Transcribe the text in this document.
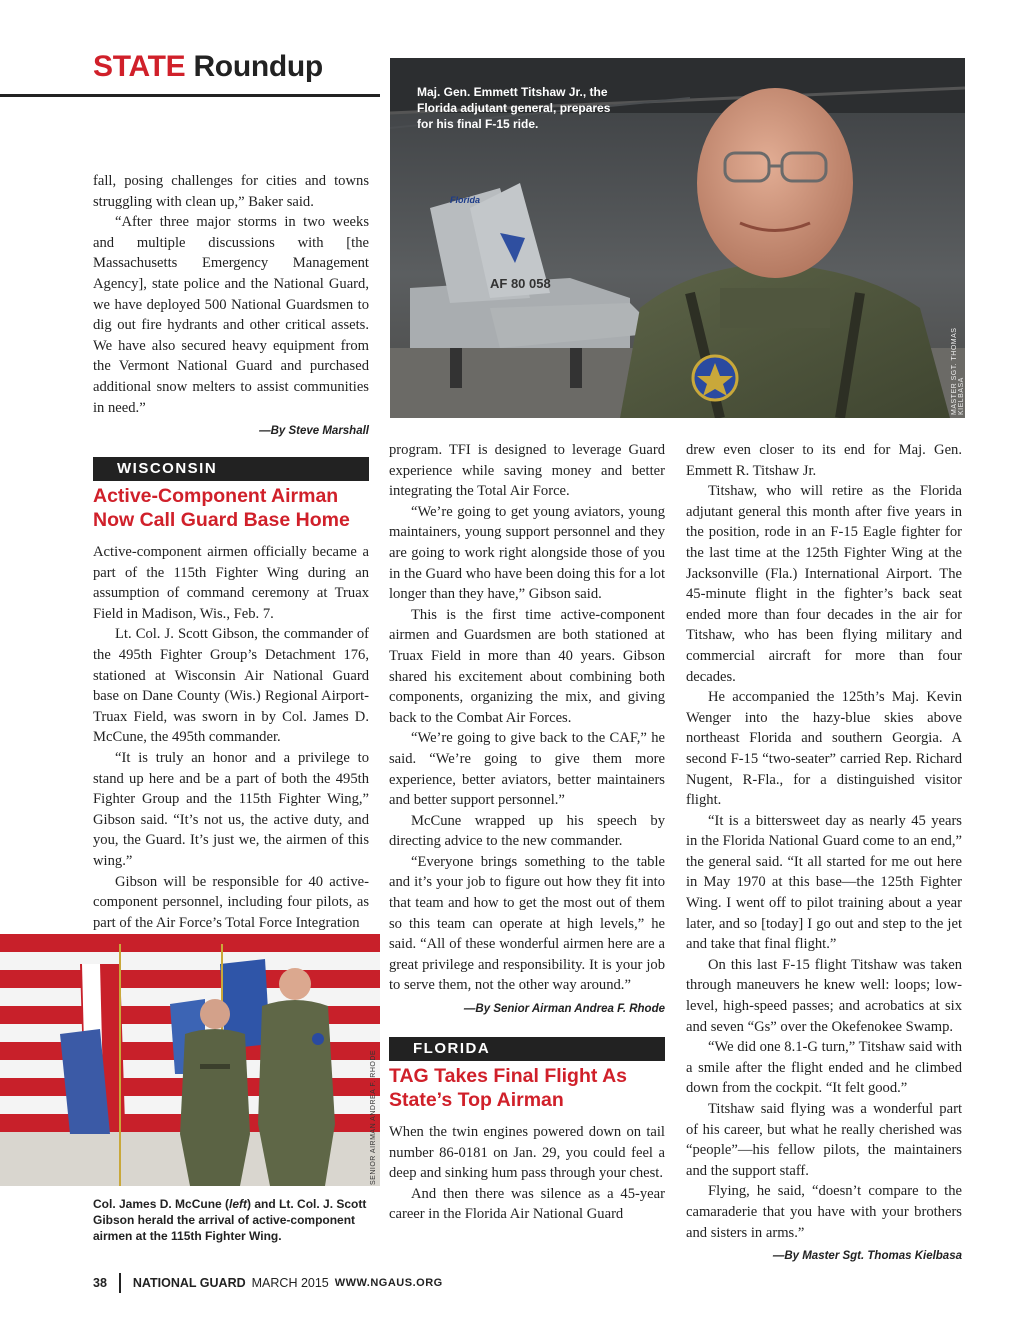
STATE Roundup
Florida
AF 80 058
Maj. Gen. Emmett Titshaw Jr., the Florida adjutant general, prepares for his final F-15 ride.
MASTER SGT. THOMAS KIELBASA

fall, posing challenges for cities and towns struggling with clean up,” Baker said.

“After three major storms in two weeks and multiple discussions with [the Massachusetts Emergency Management Agency], state police and the National Guard, we have deployed 500 National Guardsmen to dig out fire hydrants and other critical assets. We have also secured heavy equipment from the Vermont National Guard and purchased additional snow melters to assist communities in need.”

—By Steve Marshall
WISCONSIN
Active-Component Airman Now Call Guard Base Home

Active-component airmen officially became a part of the 115th Fighter Wing during an assumption of command ceremony at Truax Field in Madison, Wis., Feb. 7.

Lt. Col. J. Scott Gibson, the commander of the 495th Fighter Group’s Detachment 176, stationed at Wisconsin Air National Guard base on Dane County (Wis.) Regional Airport-Truax Field, was sworn in by Col. James D. McCune, the 495th commander.

“It is truly an honor and a privilege to stand up here and be a part of both the 495th Fighter Group and the 115th Fighter Wing,” Gibson said. “It’s not us, the active duty, and you, the Guard. It’s just we, the airmen of this wing.”

Gibson will be responsible for 40 active-component personnel, including four pilots, as part of the Air Force’s Total Force Integration

SENIOR AIRMAN ANDREA F. RHODE
Col. James D. McCune (left) and Lt. Col. J. Scott Gibson herald the arrival of active-component airmen at the 115th Fighter Wing.

program. TFI is designed to leverage Guard experience while saving money and better integrating the Total Air Force.

“We’re going to get young aviators, young maintainers, young support personnel and they are going to work right alongside those of you in the Guard who have been doing this for a lot longer than they have,” Gibson said.

This is the first time active-component airmen and Guardsmen are both stationed at Truax Field in more than 40 years. Gibson shared his excitement about combining both components, organizing the mix, and giving back to the Combat Air Forces.

“We’re going to give back to the CAF,” he said. “We’re going to give them more experience, better aviators, better maintainers and better support personnel.”

McCune wrapped up his speech by directing advice to the new commander.

“Everyone brings something to the table and it’s your job to figure out how they fit into that team and how to get the most out of them so this team can operate at high levels,” he said. “All of these wonderful airmen here are a great privilege and responsibility. It is your job to serve them, not the other way around.”

—By Senior Airman Andrea F. Rhode
FLORIDA
TAG Takes Final Flight As State’s Top Airman

When the twin engines powered down on tail number 86-0181 on Jan. 29, you could feel a deep and sinking hum pass through your chest.

And then there was silence as a 45-year career in the Florida Air National Guard

drew even closer to its end for Maj. Gen. Emmett R. Titshaw Jr.

Titshaw, who will retire as the Florida adjutant general this month after five years in the position, rode in an F-15 Eagle fighter for the last time at the 125th Fighter Wing at the Jacksonville (Fla.) International Airport. The 45-minute flight in the fighter’s back seat ended more than four decades in the air for Titshaw, who has been flying military and commercial aircraft for more than four decades.

He accompanied the 125th’s Maj. Kevin Wenger into the hazy-blue skies above northeast Florida and southern Georgia. A second F-15 “two-seater” carried Rep. Richard Nugent, R-Fla., for a distinguished visitor flight.

“It is a bittersweet day as nearly 45 years in the Florida National Guard come to an end,” the general said. “It all started for me out here in May 1970 at this base—the 125th Fighter Wing. I went off to pilot training about a year later, and so [today] I go out and step to the jet and take that final flight.”

On this last F-15 flight Titshaw was taken through maneuvers he knew well: loops; low-level, high-speed passes; and acrobatics at six and seven “Gs” over the Okefenokee Swamp.

“We did one 8.1-G turn,” Titshaw said with a smile after the flight ended and he climbed down from the cockpit. “It felt good.”

Titshaw said flying was a wonderful part of his career, but what he really cherished was “people”—his fellow pilots, the maintainers and the support staff.

Flying, he said, “doesn’t compare to the camaraderie that you have with your brothers and sisters in arms.”

—By Master Sgt. Thomas Kielbasa
38 NATIONAL GUARD MARCH 2015 WWW.NGAUS.ORG
